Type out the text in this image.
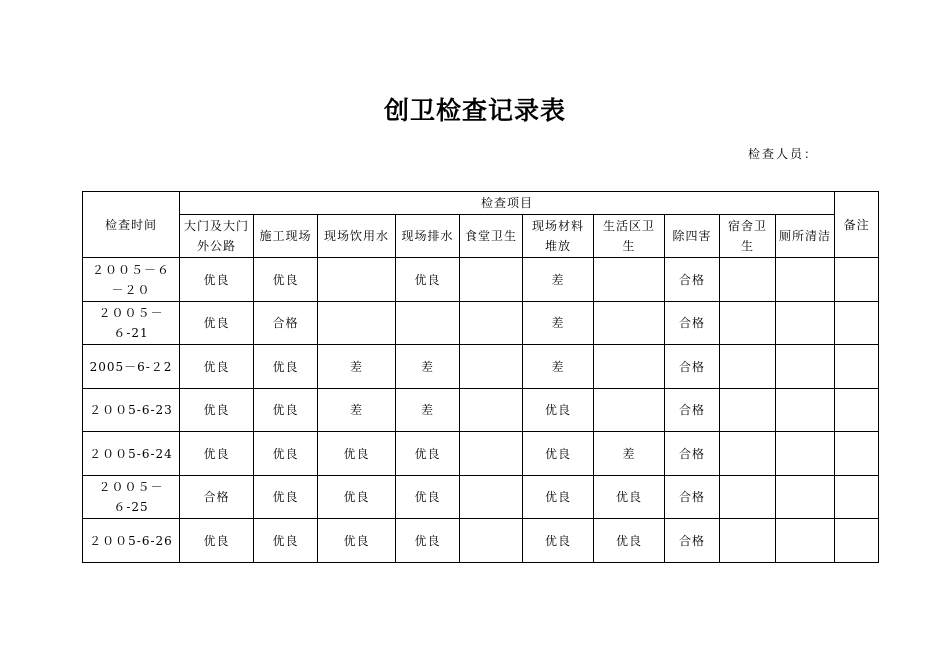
创卫检查记录表
检查人员：
检查时间	检查项目										备注
	大门及大门外公路	施工现场	现场饮用水	现场排水	食堂卫生	现场材料堆放	生活区卫生	除四害	宿舍卫生	厕所清洁	
２００５－６－２０	优良	优良		优良		差		合格			
２００５－６-21	优良	合格				差		合格			
2005－6-２2	优良	优良	差	差		差		合格			
２００5-6-23	优良	优良	差	差		优良		合格			
２００5-6-24	优良	优良	优良	优良		优良	差	合格			
２００５－６-25	合格	优良	优良	优良		优良	优良	合格			
２００5-6-26	优良	优良	优良	优良		优良	优良	合格			
